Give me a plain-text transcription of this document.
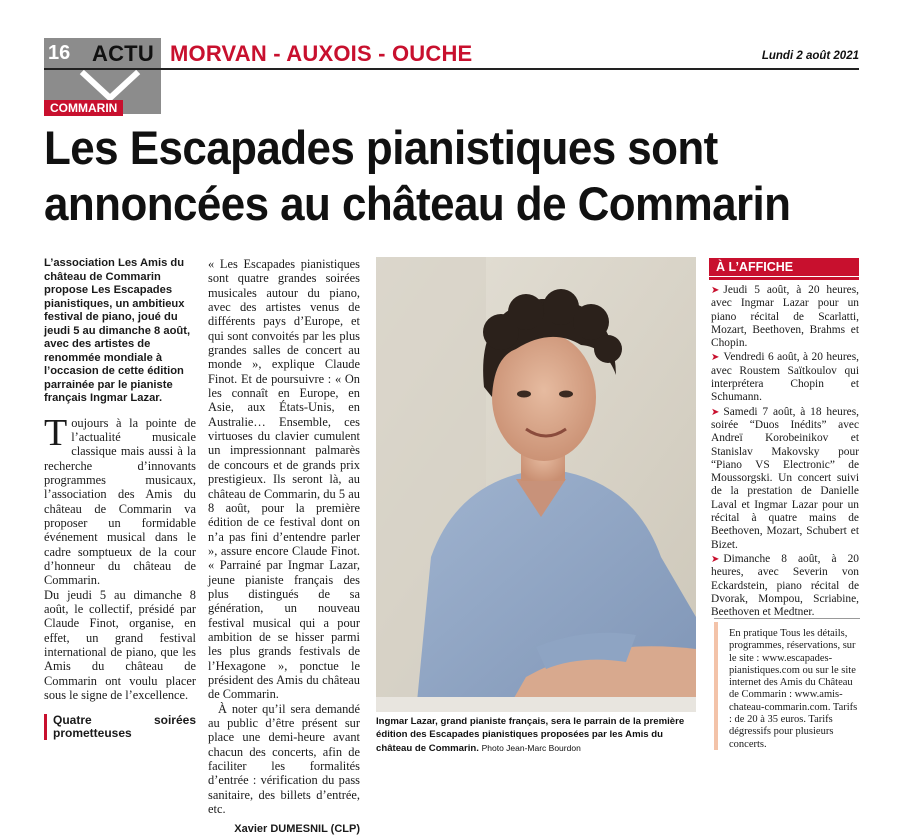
16 ACTU MORVAN - AUXOIS - OUCHE	Lundi 2 août 2021
COMMARIN
Les Escapades pianistiques sont
annoncées au château de Commarin

L’association Les Amis du château de Commarin propose Les Escapades pianistiques, un ambitieux festival de piano, joué du jeudi 5 au dimanche 8 août, avec des artistes de renommée mondiale à l’occasion de cette édition parrainée par le pianiste français Ingmar Lazar.

Toujours à la pointe de l’actualité musicale classique mais aussi à la recherche d’innovants programmes musicaux, l’association des Amis du château de Commarin va proposer un formidable événement musical dans le cadre somptueux de la cour d’honneur du château de Commarin.

Du jeudi 5 au dimanche 8 août, le collectif, présidé par Claude Finot, organise, en effet, un grand festival international de piano, que les Amis du château de Commarin ont voulu placer sous le signe de l’excellence.

Quatre soirées prometteuses

« Les Escapades pianistiques sont quatre grandes soirées musicales autour du piano, avec des artistes venus de différents pays d’Europe, et qui sont convoités par les plus grandes salles de concert au monde », explique Claude Finot. Et de poursuivre : « On les connaît en Europe, en Asie, aux États-Unis, en Australie… Ensemble, ces virtuoses du clavier cumulent un impressionnant palmarès de concours et de grands prix prestigieux. Ils seront là, au château de Commarin, du 5 au 8 août, pour la première édition de ce festival dont on n’a pas fini d’entendre parler », assure encore Claude Finot. « Parrainé par Ingmar Lazar, jeune pianiste français des plus distingués de sa génération, un nouveau festival musical qui a pour ambition de se hisser parmi les plus grands festivals de l’Hexagone », ponctue le président des Amis du château de Commarin.

À noter qu’il sera demandé au public d’être présent sur place une demi-heure avant chacun des concerts, afin de faciliter les formalités d’entrée : vérification du pass sanitaire, des billets d’entrée, etc.

Xavier DUMESNIL (CLP)
Ingmar Lazar, grand pianiste français, sera le parrain de la première édition des Escapades pianistiques proposées par les Amis du château de Commarin. Photo Jean-Marc Bourdon
À L’AFFICHE

➤ Jeudi 5 août, à 20 heures, avec Ingmar Lazar pour un piano récital de Scarlatti, Mozart, Beethoven, Brahms et Chopin.

➤ Vendredi 6 août, à 20 heures, avec Roustem Saïtkoulov qui interprétera Chopin et Schumann.

➤ Samedi 7 août, à 18 heures, soirée “Duos Inédits” avec Andreï Korobeinikov et Stanislav Makovsky pour “Piano VS Electronic” de Moussorgski. Un concert suivi de la prestation de Danielle Laval et Ingmar Lazar pour un récital à quatre mains de Beethoven, Mozart, Schubert et Bizet.

➤ Dimanche 8 août, à 20 heures, avec Severin von Eckardstein, piano récital de Dvorak, Mompou, Scriabine, Beethoven et Medtner.

En pratique Tous les détails, programmes, réservations, sur le site : www.escapades-pianistiques.com ou sur le site internet des Amis du Château de Commarin : www.amis-chateau-commarin.com. Tarifs : de 20 à 35 euros. Tarifs dégressifs pour plusieurs concerts.
